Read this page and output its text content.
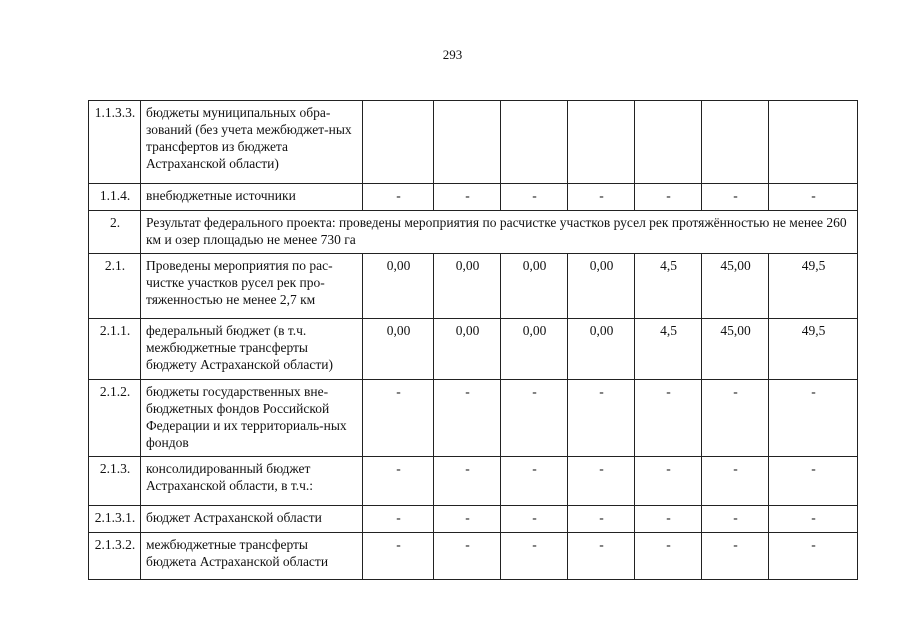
293
1.1.3.3.	бюджеты муниципальных обра-зований (без учета межбюджет-ных трансфертов из бюджета Астраханской области)							
1.1.4.	внебюджетные источники	-	-	-	-	-	-	-
2.	Результат федерального проекта: проведены мероприятия по расчистке участков русел рек протяжённостью не менее 260 км и озер площадью не менее 730 га							
2.1.	Проведены мероприятия по рас-чистке участков русел рек про-тяженностью не менее 2,7 км	0,00	0,00	0,00	0,00	4,5	45,00	49,5
2.1.1.	федеральный бюджет (в т.ч. межбюджетные трансферты бюджету Астраханской области)	0,00	0,00	0,00	0,00	4,5	45,00	49,5
2.1.2.	бюджеты государственных вне-бюджетных фондов Российской Федерации и их территориаль-ных фондов	-	-	-	-	-	-	-
2.1.3.	консолидированный бюджет Астраханской области, в т.ч.:	-	-	-	-	-	-	-
2.1.3.1.	бюджет Астраханской области	-	-	-	-	-	-	-
2.1.3.2.	межбюджетные трансферты бюджета Астраханской области	-	-	-	-	-	-	-
